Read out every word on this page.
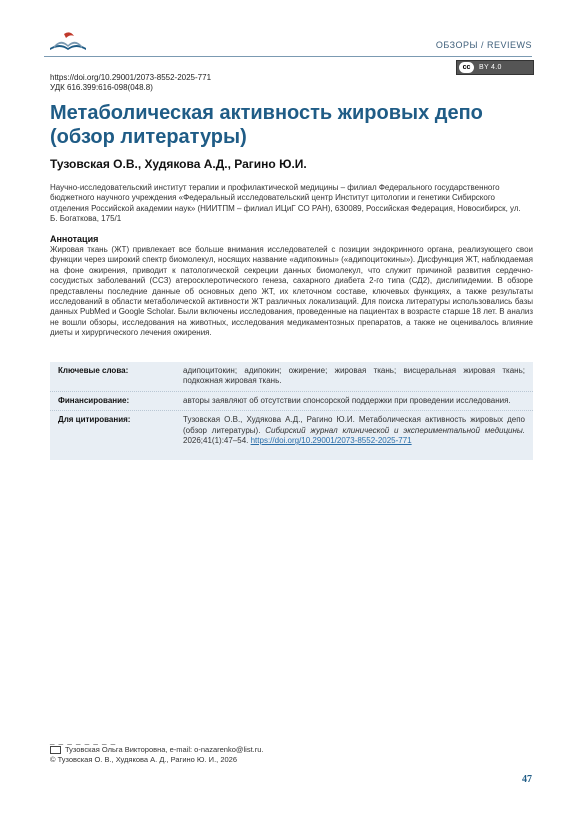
ОБЗОРЫ / REVIEWS
cc	BY 4.0
https://doi.org/10.29001/2073-8552-2025-771
УДК 616.399:616-098(048.8)
Метаболическая активность жировых депо (обзор литературы)
Тузовская О.В., Худякова А.Д., Рагино Ю.И.
Научно-исследовательский институт терапии и профилактической медицины – филиал Федерального государственного бюджетного научного учреждения «Федеральный исследовательский центр Институт цитологии и генетики Сибирского отделения Российской академии наук» (НИИТПМ – филиал ИЦиГ СО РАН), 630089, Российская Федерация, Новосибирск, ул. Б. Богаткова, 175/1
Аннотация
Жировая ткань (ЖТ) привлекает все больше внимания исследователей с позиции эндокринного органа, реализующего свои функции через широкий спектр биомолекул, носящих название «адипокины» («адипоцитокины»). Дисфункция ЖТ, наблюдаемая на фоне ожирения, приводит к патологической секреции данных биомолекул, что служит причиной развития сердечно-сосудистых заболеваний (ССЗ) атеросклеротического генеза, сахарного диабета 2-го типа (СД2), дислипидемии. В обзоре представлены последние данные об основных депо ЖТ, их клеточном составе, ключевых функциях, а также результаты исследований в области метаболической активности ЖТ различных локализаций. Для поиска литературы использовались базы данных PubMed и Google Scholar. Были включены исследования, проведенные на пациентах в возрасте старше 18 лет. В анализ не вошли обзоры, исследования на животных, исследования медикаментозных препаратов, а также не оценивалось влияние диеты и хирургического лечения ожирения.
Ключевые слова:	адипоцитокин; адипокин; ожирение; жировая ткань; висцеральная жировая ткань; подкожная жировая ткань.
Финансирование:	авторы заявляют об отсутствии спонсорской поддержки при проведении исследования.
Для цитирования:	Тузовская О.В., Худякова А.Д., Рагино Ю.И. Метаболическая активность жировых депо (обзор литературы). Сибирский журнал клинической и экспериментальной медицины. 2026;41(1):47–54. https://doi.org/10.29001/2073-8552-2025-771
_ _ _ _ _ _ _ _
Тузовская Ольга Викторовна, e-mail: o-nazarenko@list.ru.
© Тузовская О. В., Худякова А. Д., Рагино Ю. И., 2026
47
